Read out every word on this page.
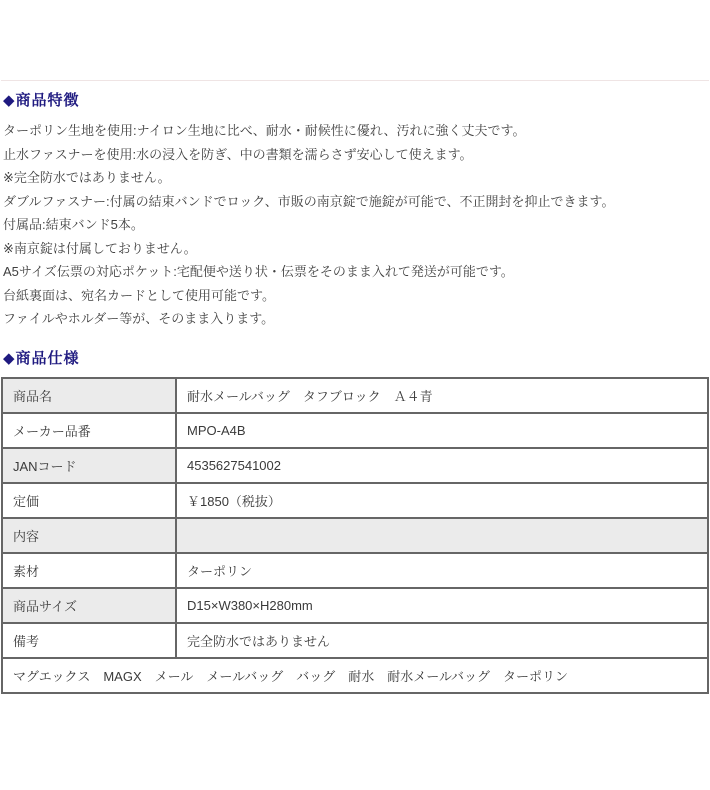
◆商品特徴

ターポリン生地を使用:ナイロン生地に比べ、耐水・耐候性に優れ、汚れに強く丈夫です。

止水ファスナーを使用:水の浸入を防ぎ、中の書類を濡らさず安心して使えます。

※完全防水ではありません。

ダブルファスナー:付属の結束バンドでロック、市販の南京錠で施錠が可能で、不正開封を抑止できます。

付属品:結束バンド5本。

※南京錠は付属しておりません。

A5サイズ伝票の対応ポケット:宅配便や送り状・伝票をそのまま入れて発送が可能です。

台紙裏面は、宛名カードとして使用可能です。

ファイルやホルダー等が、そのまま入ります。

◆商品仕様
商品名	耐水メールバッグ　タフブロック　Ａ４青
メーカー品番	MPO-A4B
JANコード	4535627541002
定価	￥1850（税抜）
内容	
素材	ターポリン
商品サイズ	D15×W380×H280mm
備考	完全防水ではありません
マグエックス　MAGX　メール　メールバッグ　バッグ　耐水　耐水メールバッグ　ターポリン	
